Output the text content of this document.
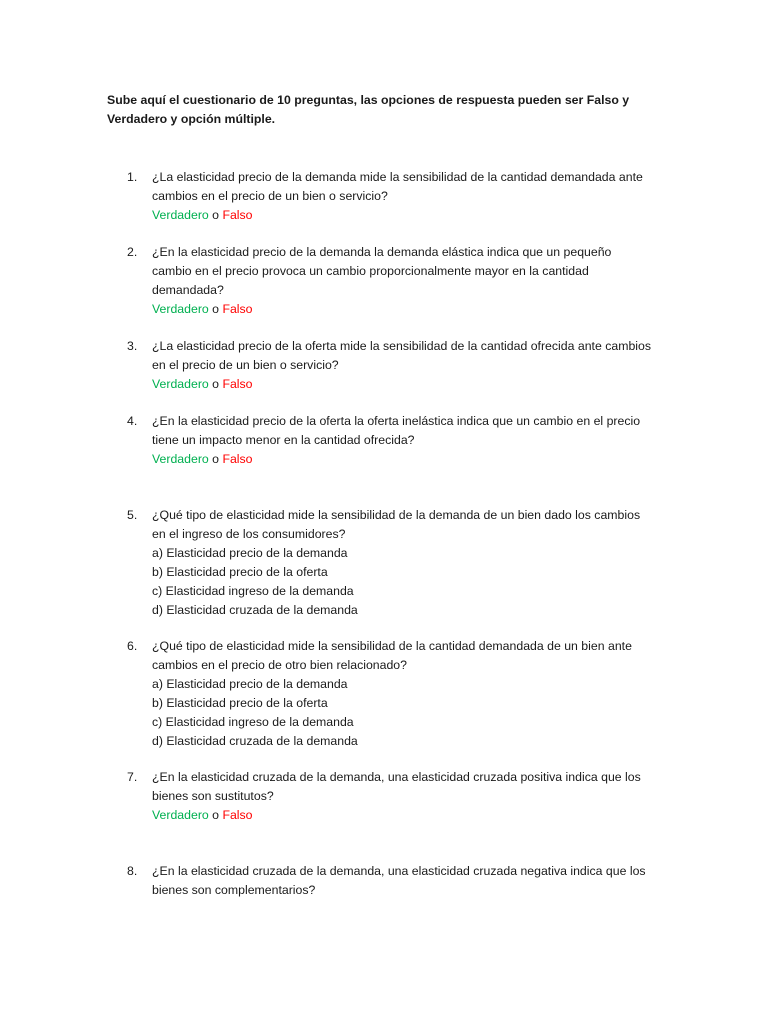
Sube aquí el cuestionario de 10 preguntas, las opciones de respuesta pueden ser Falso y
Verdadero y opción múltiple.

1.	¿La elasticidad precio de la demanda mide la sensibilidad de la cantidad demandada ante
cambios en el precio de un bien o servicio?
Verdadero o Falso
2.	¿En la elasticidad precio de la demanda la demanda elástica indica que un pequeño
cambio en el precio provoca un cambio proporcionalmente mayor en la cantidad
demandada?
Verdadero o Falso
3.	¿La elasticidad precio de la oferta mide la sensibilidad de la cantidad ofrecida ante cambios
en el precio de un bien o servicio?
Verdadero o Falso
4.	¿En la elasticidad precio de la oferta la oferta inelástica indica que un cambio en el precio
tiene un impacto menor en la cantidad ofrecida?
Verdadero o Falso
5.	¿Qué tipo de elasticidad mide la sensibilidad de la demanda de un bien dado los cambios
en el ingreso de los consumidores?
a) Elasticidad precio de la demanda
b) Elasticidad precio de la oferta
c) Elasticidad ingreso de la demanda
d) Elasticidad cruzada de la demanda
6.	¿Qué tipo de elasticidad mide la sensibilidad de la cantidad demandada de un bien ante
cambios en el precio de otro bien relacionado?
a) Elasticidad precio de la demanda
b) Elasticidad precio de la oferta
c) Elasticidad ingreso de la demanda
d) Elasticidad cruzada de la demanda
7.	¿En la elasticidad cruzada de la demanda, una elasticidad cruzada positiva indica que los
bienes son sustitutos?
Verdadero o Falso
8.	¿En la elasticidad cruzada de la demanda, una elasticidad cruzada negativa indica que los
bienes son complementarios?
